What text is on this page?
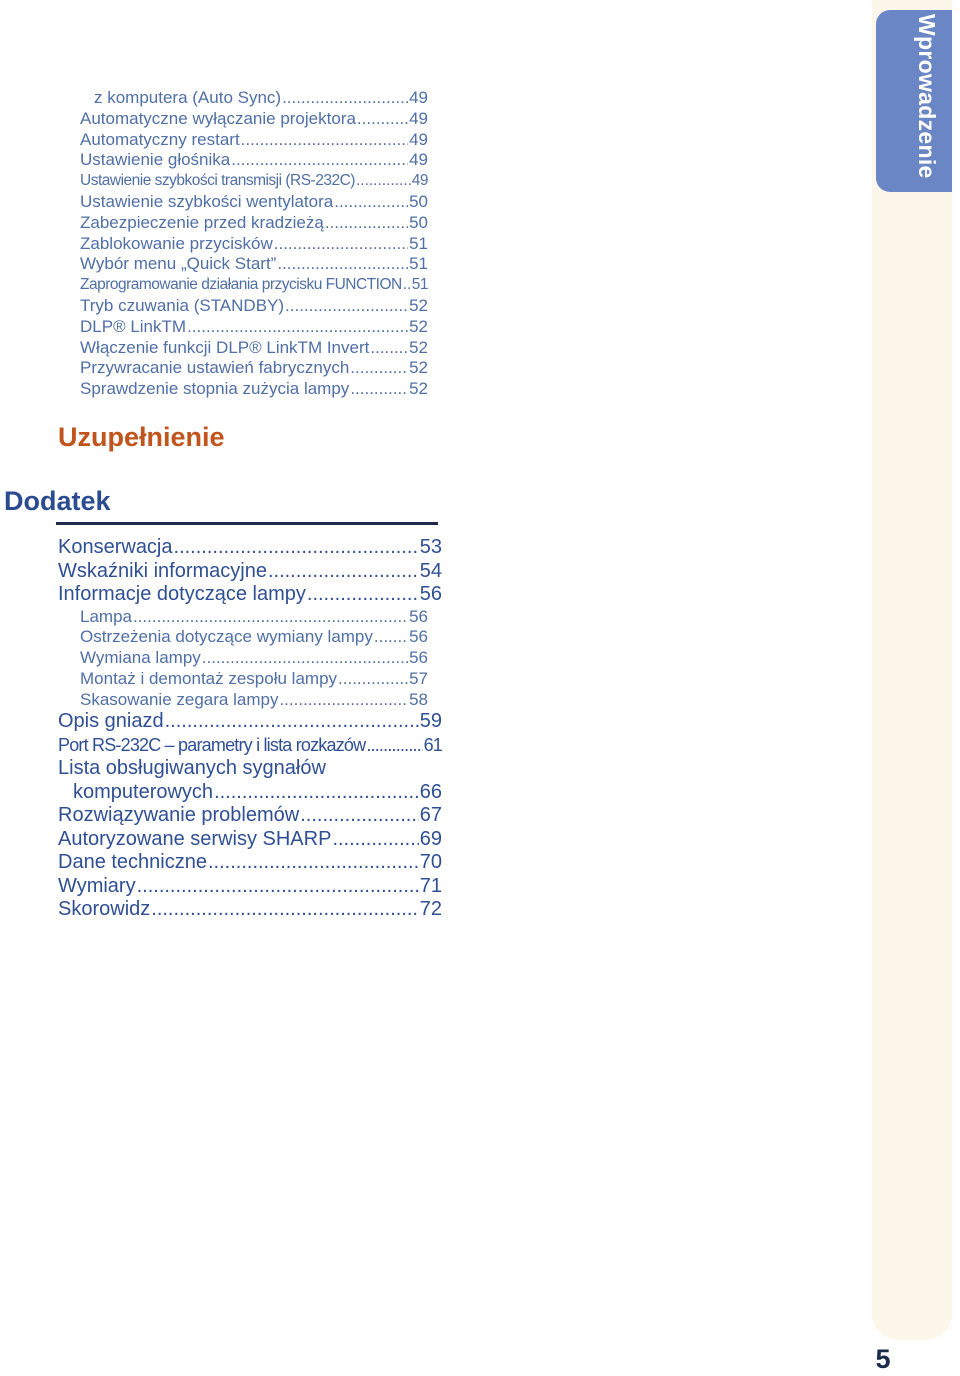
Wprowadzenie
z komputera (Auto Sync) .....	49
Automatyczne wyłączanie projektora .....	49
Automatyczny restart .....	49
Ustawienie głośnika .....	49
Ustawienie szybkości transmisji (RS-232C) .....	49
Ustawienie szybkości wentylatora .....	50
Zabezpieczenie przed kradzieżą .....	50
Zablokowanie przycisków .....	51
Wybór menu „Quick Start” .....	51
Zaprogramowanie działania przycisku FUNCTION ..... 51
Tryb czuwania (STANDBY) .....	52
DLP® LinkTM .....	52
Włączenie funkcji DLP® LinkTM Invert ..... 52
Przywracanie ustawień fabrycznych .....	52
Sprawdzenie stopnia zużycia lampy .....	52
Uzupełnienie
Dodatek
Konserwacja .....	53
Wskaźniki informacyjne .....	54
Informacje dotyczące lampy .....	56
Lampa .....	56
Ostrzeżenia dotyczące wymiany lampy ..... 56
Wymiana lampy .....	56
Montaż i demontaż zespołu lampy .....	57
Skasowanie zegara lampy .....	58
Opis gniazd .....	59
Port RS-232C – parametry i lista rozkazów .....	61
Lista obsługiwanych sygnałów
komputerowych .....	66
Rozwiązywanie problemów .....	67
Autoryzowane serwisy SHARP .....	69
Dane techniczne .....	70
Wymiary .....	71
Skorowidz .....	72
5
